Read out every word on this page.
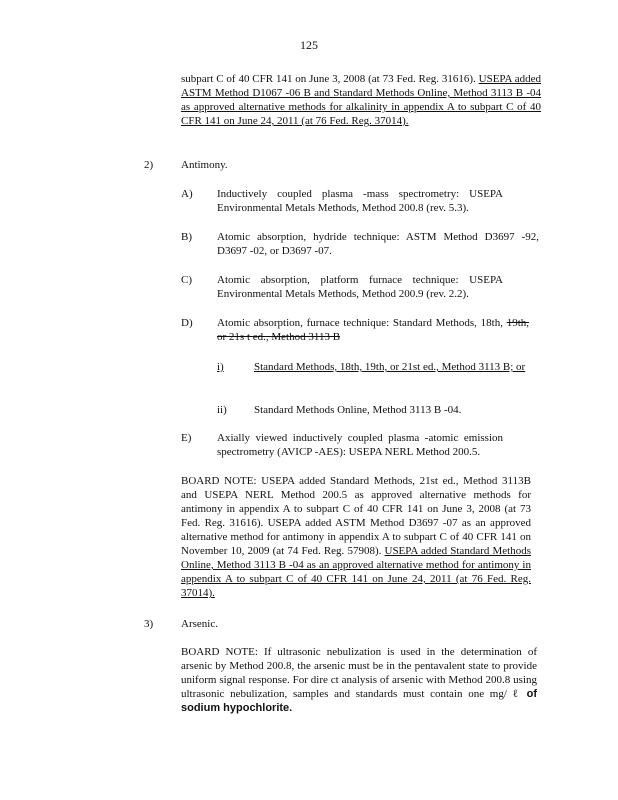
125
subpart C of 40 CFR 141 on June 3, 2008 (at 73 Fed. Reg. 31616). USEPA added ASTM Method D1067 -06 B and Standard Methods Online, Method 3113 B -04 as approved alternative methods for alkalinity in appendix A to subpart C of 40 CFR 141 on June 24, 2011 (at 76 Fed. Reg. 37014).
2)	Antimony.
A) Inductively coupled plasma -mass spectrometry: USEPA Environmental Metals Methods, Method 200.8 (rev. 5.3).
B) Atomic absorption, hydride technique: ASTM Method D3697 -92, D3697 -02, or D3697 -07.
C) Atomic absorption, platform furnace technique: USEPA Environmental Metals Methods, Method 200.9 (rev. 2.2).
D) Atomic absorption, furnace technique: Standard Methods, 18th, 19th, or 21s t ed., Method 3113 B
i)	Standard Methods, 18th, 19th, or 21st ed., Method 3113 B; or
ii) Standard Methods Online, Method 3113 B -04.
E) Axially viewed inductively coupled plasma -atomic emission spectrometry (AVICP -AES): USEPA NERL Method 200.5.
BOARD NOTE: USEPA added Standard Methods, 21st ed., Method 3113B and USEPA NERL Method 200.5 as approved alternative methods for antimony in appendix A to subpart C of 40 CFR 141 on June 3, 2008 (at 73 Fed. Reg. 31616). USEPA added ASTM Method D3697 -07 as an approved alternative method for antimony in appendix A to subpart C of 40 CFR 141 on November 10, 2009 (at 74 Fed. Reg. 57908). USEPA added Standard Methods Online, Method 3113 B -04 as an approved alternative method for antimony in appendix A to subpart C of 40 CFR 141 on June 24, 2011 (at 76 Fed. Reg. 37014).
3)	Arsenic.
BOARD NOTE: If ultrasonic nebulization is used in the determination of arsenic by Method 200.8, the arsenic must be in the pentavalent state to provide uniform signal response. For dire ct analysis of arsenic with Method 200.8 using ultrasonic nebulization, samples and standards must contain one mg/ ℓ of sodium hypochlorite.
